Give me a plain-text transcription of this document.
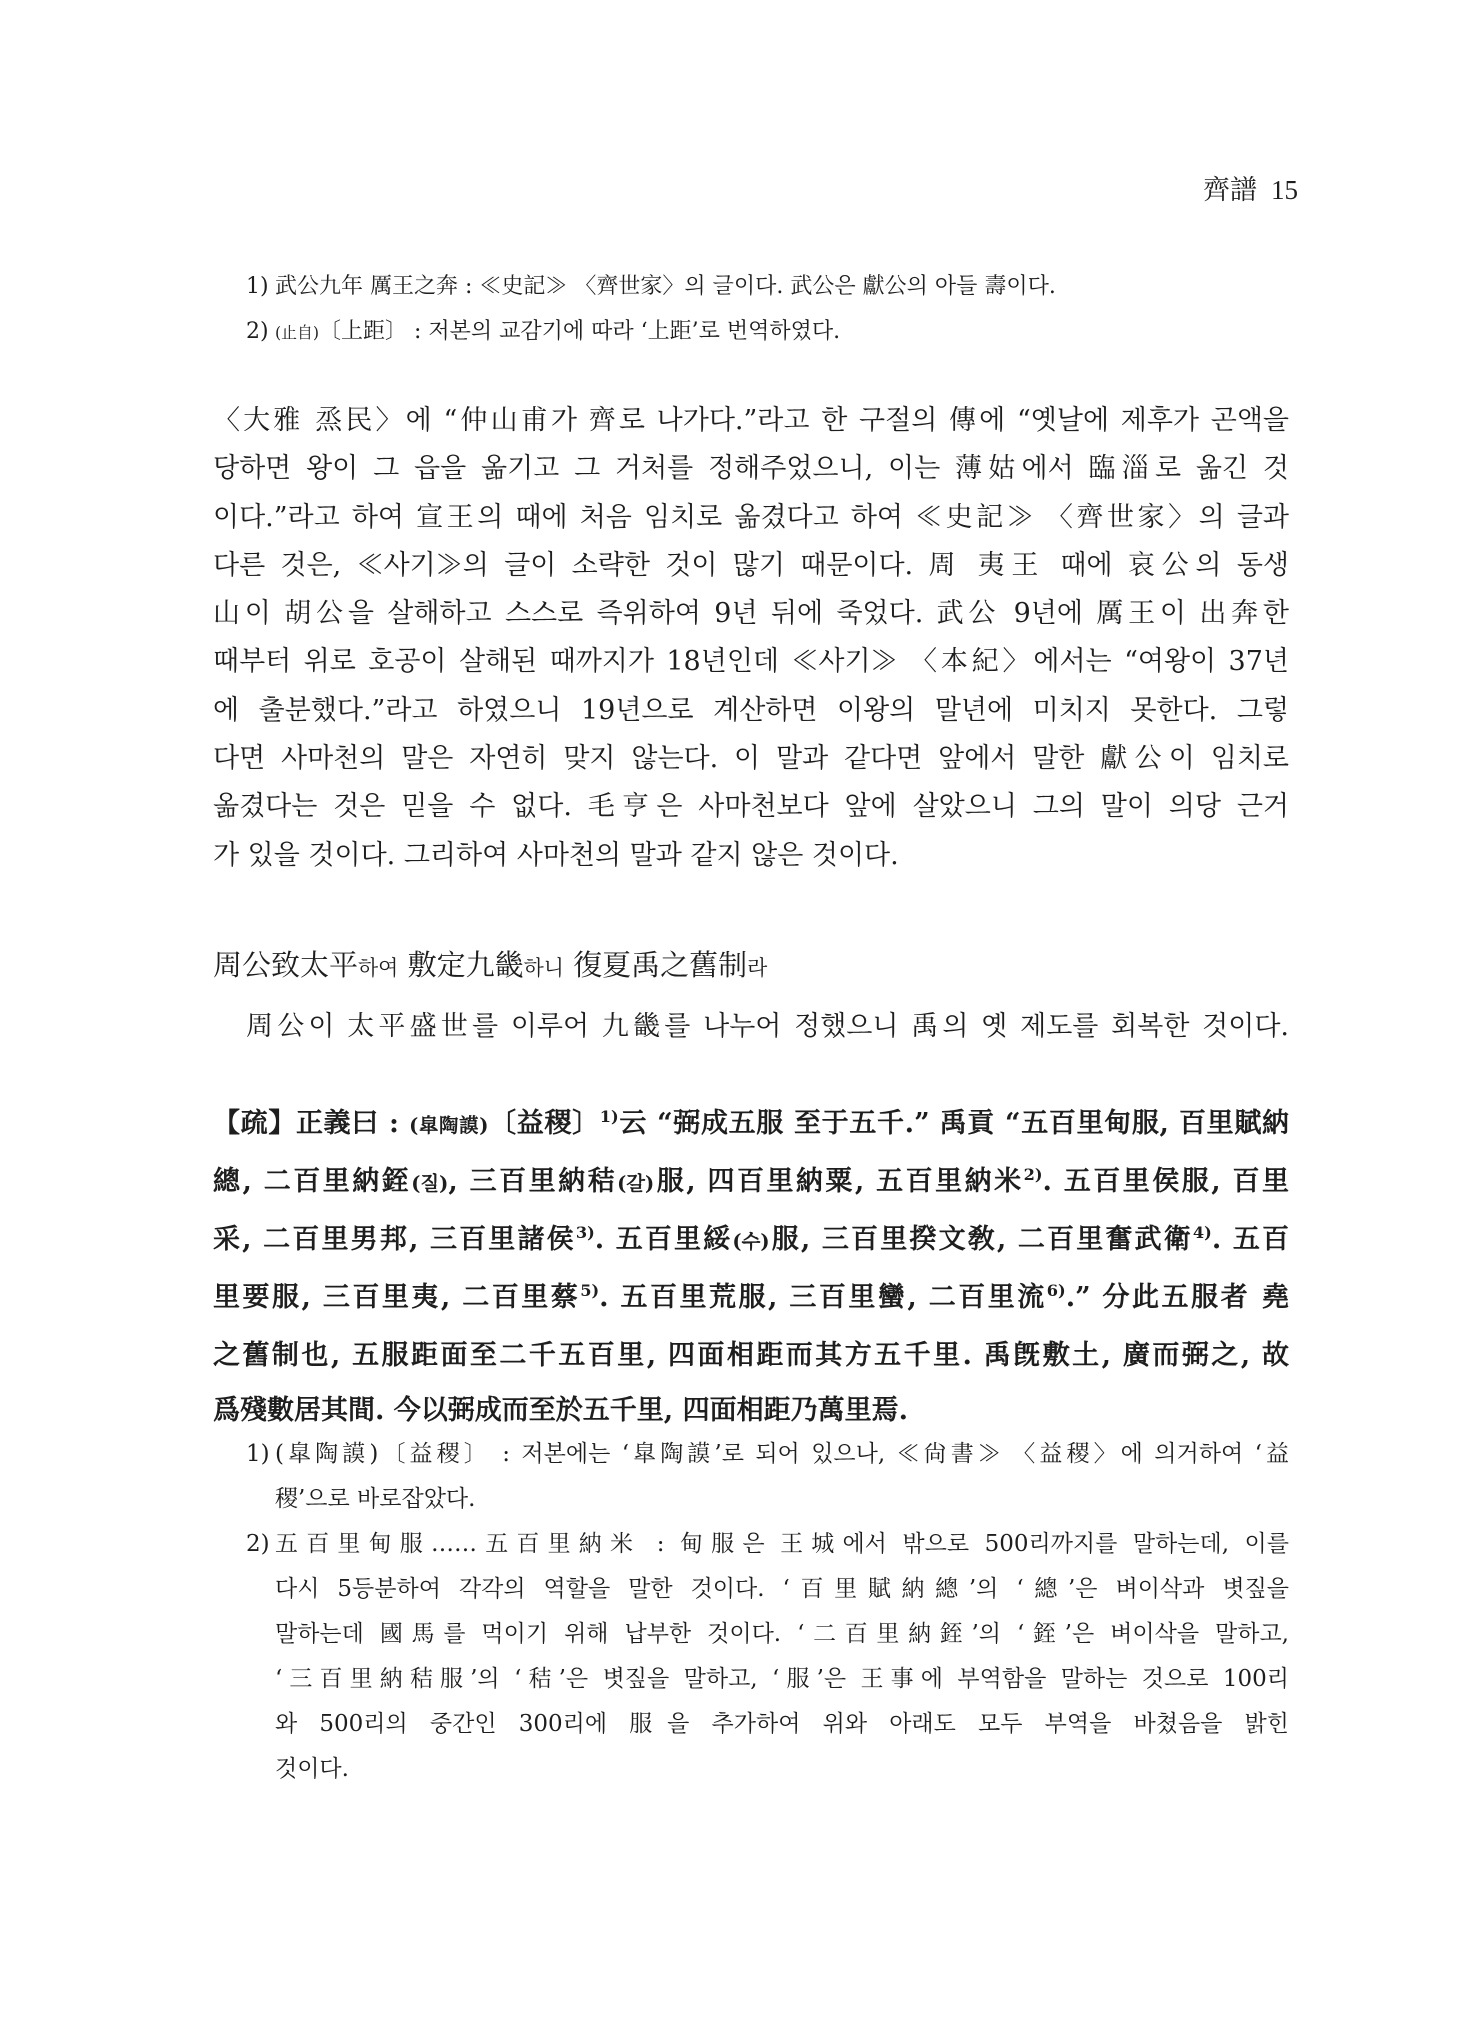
齊譜 15
1) 武公九年 厲王之奔 : ≪史記≫ 〈齊世家〉의 글이다. 武公은 獻公의 아들 壽이다.
2) (止自)〔上距〕 : 저본의 교감기에 따라 ‘上距’로 번역하였다.
〈大雅 烝民〉에 “仲山甫가 齊로 나가다.”라고 한 구절의 傳에 “옛날에 제후가 곤액을
당하면 왕이 그 읍을 옮기고 그 거처를 정해주었으니, 이는 薄姑에서 臨淄로 옮긴 것
이다.”라고 하여 宣王의 때에 처음 임치로 옮겼다고 하여 ≪史記≫ 〈齊世家〉의 글과
다른 것은, ≪사기≫의 글이 소략한 것이 많기 때문이다. 周 夷王 때에 哀公의 동생
山이 胡公을 살해하고 스스로 즉위하여 9년 뒤에 죽었다. 武公 9년에 厲王이 出奔한
때부터 위로 호공이 살해된 때까지가 18년인데 ≪사기≫ 〈本紀〉에서는 “여왕이 37년
에 출분했다.”라고 하였으니 19년으로 계산하면 이왕의 말년에 미치지 못한다. 그렇
다면 사마천의 말은 자연히 맞지 않는다. 이 말과 같다면 앞에서 말한 獻公이 임치로
옮겼다는 것은 믿을 수 없다. 毛亨은 사마천보다 앞에 살았으니 그의 말이 의당 근거
가 있을 것이다. 그리하여 사마천의 말과 같지 않은 것이다.
周公致太平하여 敷定九畿하니 復夏禹之舊制라
周公이 太平盛世를 이루어 九畿를 나누어 정했으니 禹의 옛 제도를 회복한 것이다.
【疏】正義曰 : (皐陶謨)〔益稷〕$^{1)}$云 “弼成五服 至于五千.” 禹貢 “五百里甸服, 百里賦納
總, 二百里納銍(질), 三百里納秸(갈)服, 四百里納粟, 五百里納米$^{2)}$. 五百里侯服, 百里
采, 二百里男邦, 三百里諸侯$^{3)}$. 五百里綏(수)服, 三百里揆文敎, 二百里奮武衛$^{4)}$. 五百
里要服, 三百里夷, 二百里蔡$^{5)}$. 五百里荒服, 三百里蠻, 二百里流$^{6)}$.” 分此五服者 堯
之舊制也, 五服距面至二千五百里, 四面相距而其方五千里. 禹旣敷土, 廣而弼之, 故
爲殘數居其間. 今以弼成而至於五千里, 四面相距乃萬里焉.
1) (皐陶謨)〔益稷〕 : 저본에는 ‘皐陶謨’로 되어 있으나, ≪尙書≫ 〈益稷〉에 의거하여 ‘益
稷’으로 바로잡았다.
2) 五百里甸服……五百里納米 : 甸服은 王城에서 밖으로 500리까지를 말하는데, 이를
다시 5등분하여 각각의 역할을 말한 것이다. ‘百里賦納總’의 ‘總’은 벼이삭과 볏짚을
말하는데 國馬를 먹이기 위해 납부한 것이다. ‘二百里納銍’의 ‘銍’은 벼이삭을 말하고,
‘三百里納秸服’의 ‘秸’은 볏짚을 말하고, ‘服’은 王事에 부역함을 말하는 것으로 100리
와 500리의 중간인 300리에 服을 추가하여 위와 아래도 모두 부역을 바쳤음을 밝힌
것이다.
